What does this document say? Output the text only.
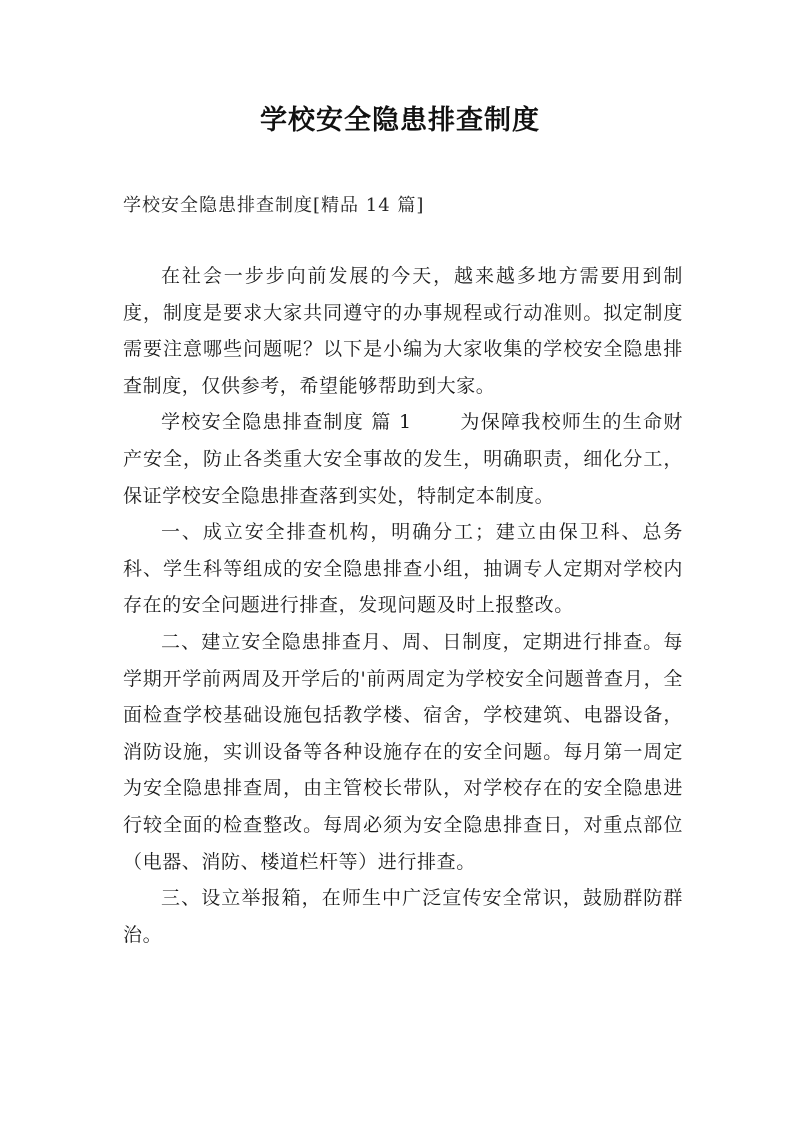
学校安全隐患排查制度
学校安全隐患排查制度[精品 14 篇]

在社会一步步向前发展的今天，越来越多地方需要用到制度，制度是要求大家共同遵守的办事规程或行动准则。拟定制度需要注意哪些问题呢？以下是小编为大家收集的学校安全隐患排查制度，仅供参考，希望能够帮助到大家。

学校安全隐患排查制度 篇 1	为保障我校师生的生命财产安全，防止各类重大安全事故的发生，明确职责，细化分工，保证学校安全隐患排查落到实处，特制定本制度。

一、成立安全排查机构，明确分工；建立由保卫科、总务科、学生科等组成的安全隐患排查小组，抽调专人定期对学校内存在的安全问题进行排查，发现问题及时上报整改。

二、建立安全隐患排查月、周、日制度，定期进行排查。每学期开学前两周及开学后的'前两周定为学校安全问题普查月，全面检查学校基础设施包括教学楼、宿舍，学校建筑、电器设备，消防设施，实训设备等各种设施存在的安全问题。每月第一周定为安全隐患排查周，由主管校长带队，对学校存在的安全隐患进行较全面的检查整改。每周必须为安全隐患排查日，对重点部位（电器、消防、楼道栏杆等）进行排查。

三、设立举报箱，在师生中广泛宣传安全常识，鼓励群防群治。
